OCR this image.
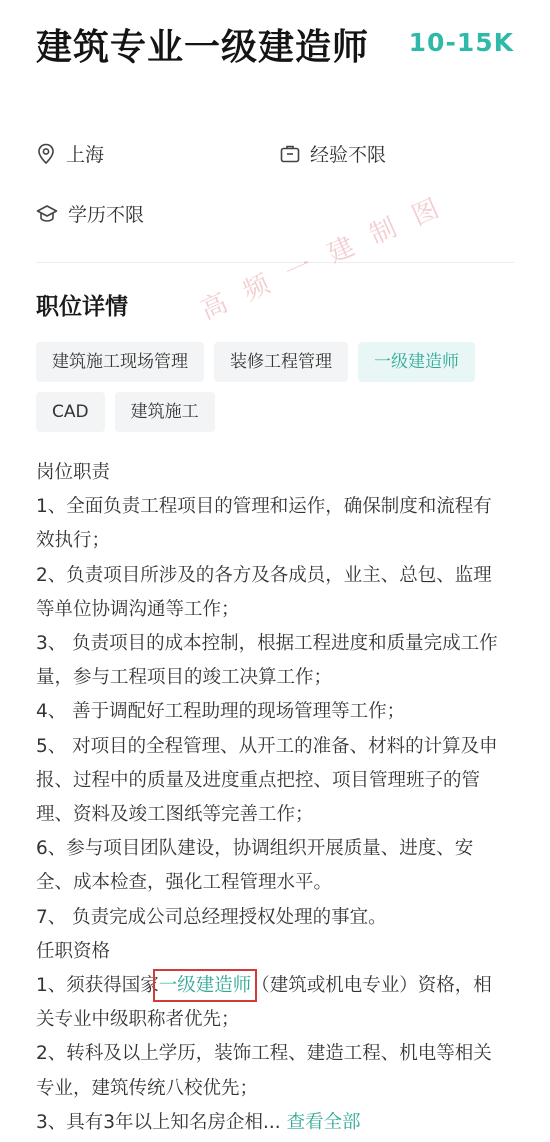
建筑专业一级建造师	10-15K
上海	经验不限
学历不限 高 频 一 建 制 图
职位详情
建筑施工现场管理	装修工程管理	一级建造师
CAD	建筑施工

岗位职责

1、全面负责工程项目的管理和运作，确保制度和流程有效执行；

2、负责项目所涉及的各方及各成员，业主、总包、监理等单位协调沟通等工作；

3、 负责项目的成本控制，根据工程进度和质量完成工作量，参与工程项目的竣工决算工作；

4、 善于调配好工程助理的现场管理等工作；

5、 对项目的全程管理、从开工的准备、材料的计算及申报、过程中的质量及进度重点把控、项目管理班子的管理、资料及竣工图纸等完善工作；

6、参与项目团队建设，协调组织开展质量、进度、安全、成本检查，强化工程管理水平。

7、 负责完成公司总经理授权处理的事宜。

任职资格

1、须获得国家一级建造师（建筑或机电专业）资格，相关专业中级职称者优先；

2、转科及以上学历，装饰工程、建造工程、机电等相关专业，建筑传统八校优先；

3、具有3年以上知名房企相... 查看全部
